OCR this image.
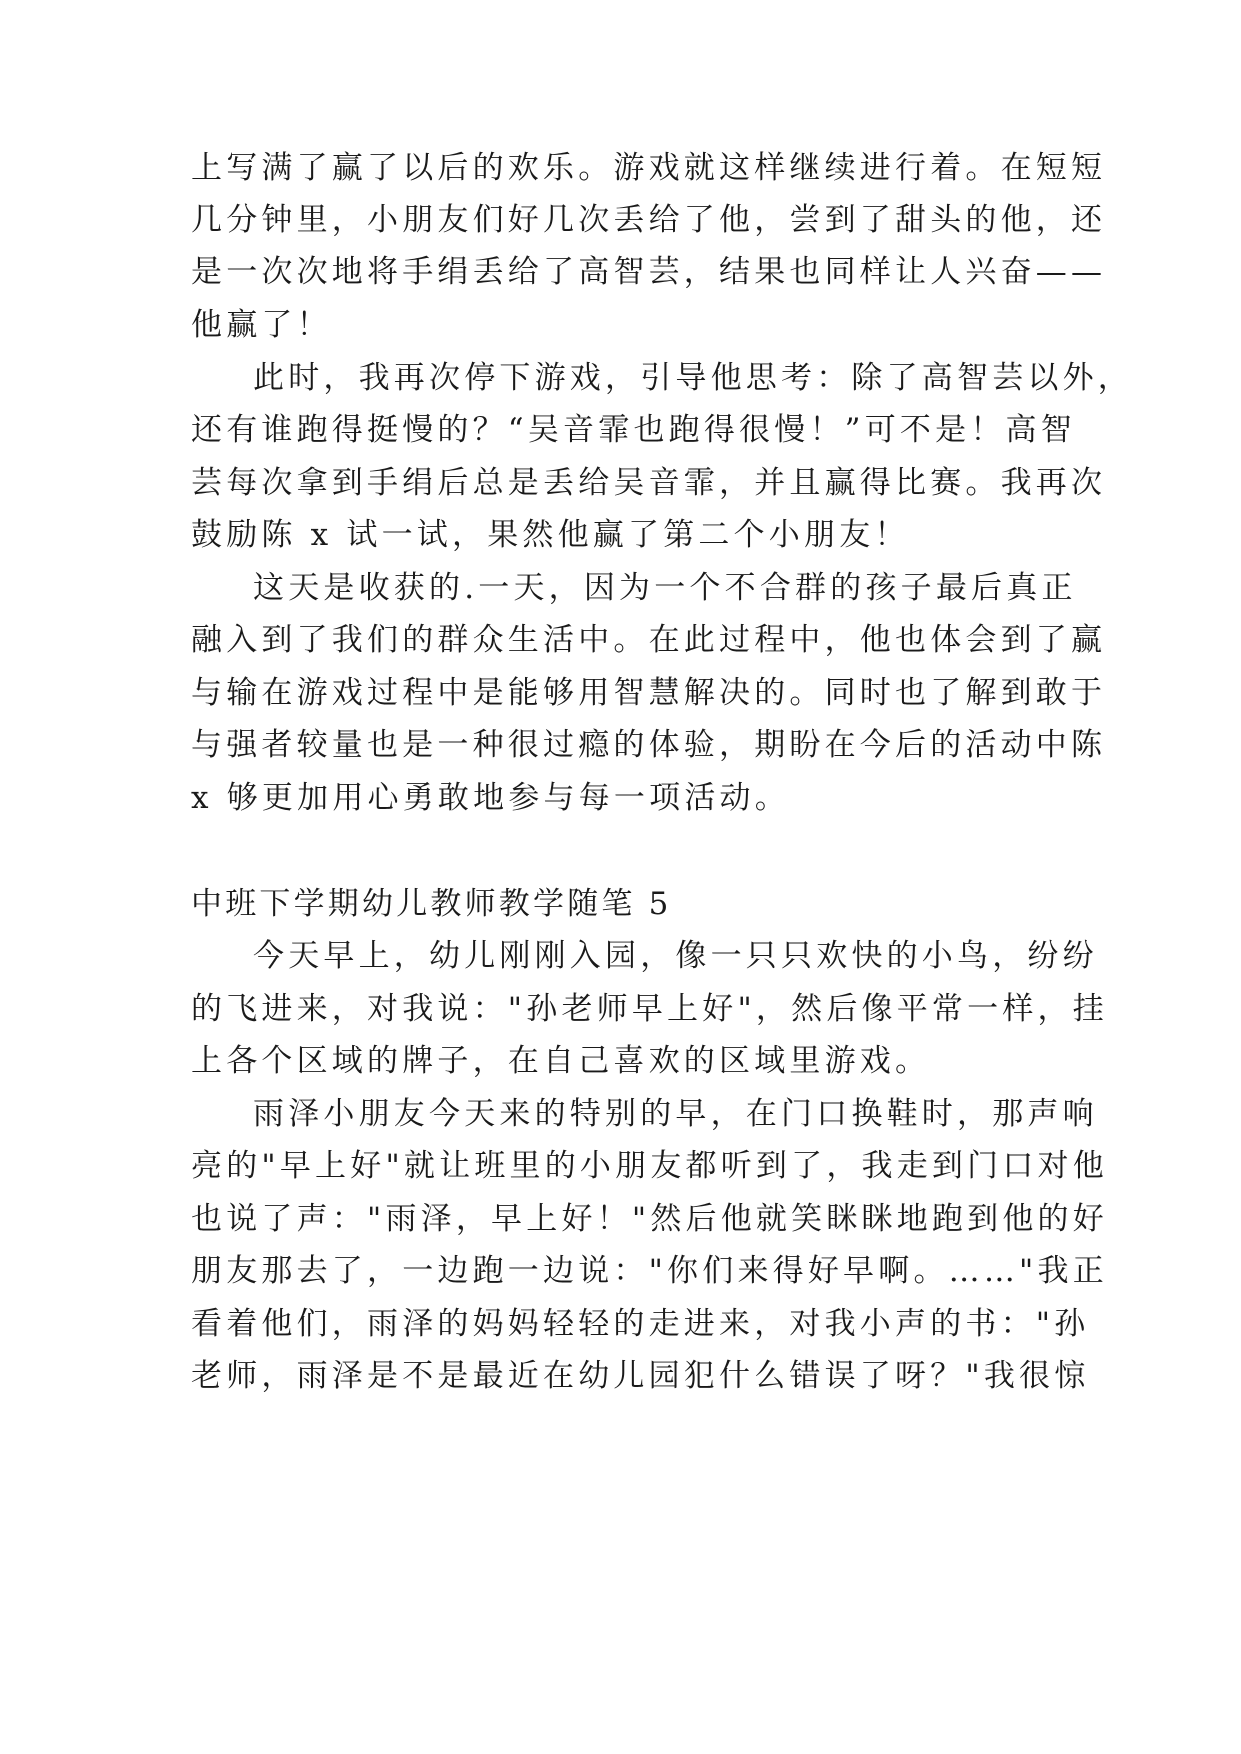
上写满了赢了以后的欢乐。游戏就这样继续进行着。在短短
几分钟里，小朋友们好几次丢给了他，尝到了甜头的他，还
是一次次地将手绢丢给了高智芸，结果也同样让人兴奋——
他赢了！
此时，我再次停下游戏，引导他思考：除了高智芸以外，
还有谁跑得挺慢的？“吴音霏也跑得很慢！”可不是！高智
芸每次拿到手绢后总是丢给吴音霏，并且赢得比赛。我再次
鼓励陈 x 试一试，果然他赢了第二个小朋友！
这天是收获的.一天，因为一个不合群的孩子最后真正
融入到了我们的群众生活中。在此过程中，他也体会到了赢
与输在游戏过程中是能够用智慧解决的。同时也了解到敢于
与强者较量也是一种很过瘾的体验，期盼在今后的活动中陈
x 够更加用心勇敢地参与每一项活动。
中班下学期幼儿教师教学随笔 5
今天早上，幼儿刚刚入园，像一只只欢快的小鸟，纷纷
的飞进来，对我说："孙老师早上好"，然后像平常一样，挂
上各个区域的牌子，在自己喜欢的区域里游戏。
雨泽小朋友今天来的特别的早，在门口换鞋时，那声响
亮的"早上好"就让班里的小朋友都听到了，我走到门口对他
也说了声："雨泽，早上好！"然后他就笑眯眯地跑到他的好
朋友那去了，一边跑一边说："你们来得好早啊。……"我正
看着他们，雨泽的妈妈轻轻的走进来，对我小声的书："孙
老师，雨泽是不是最近在幼儿园犯什么错误了呀？"我很惊
